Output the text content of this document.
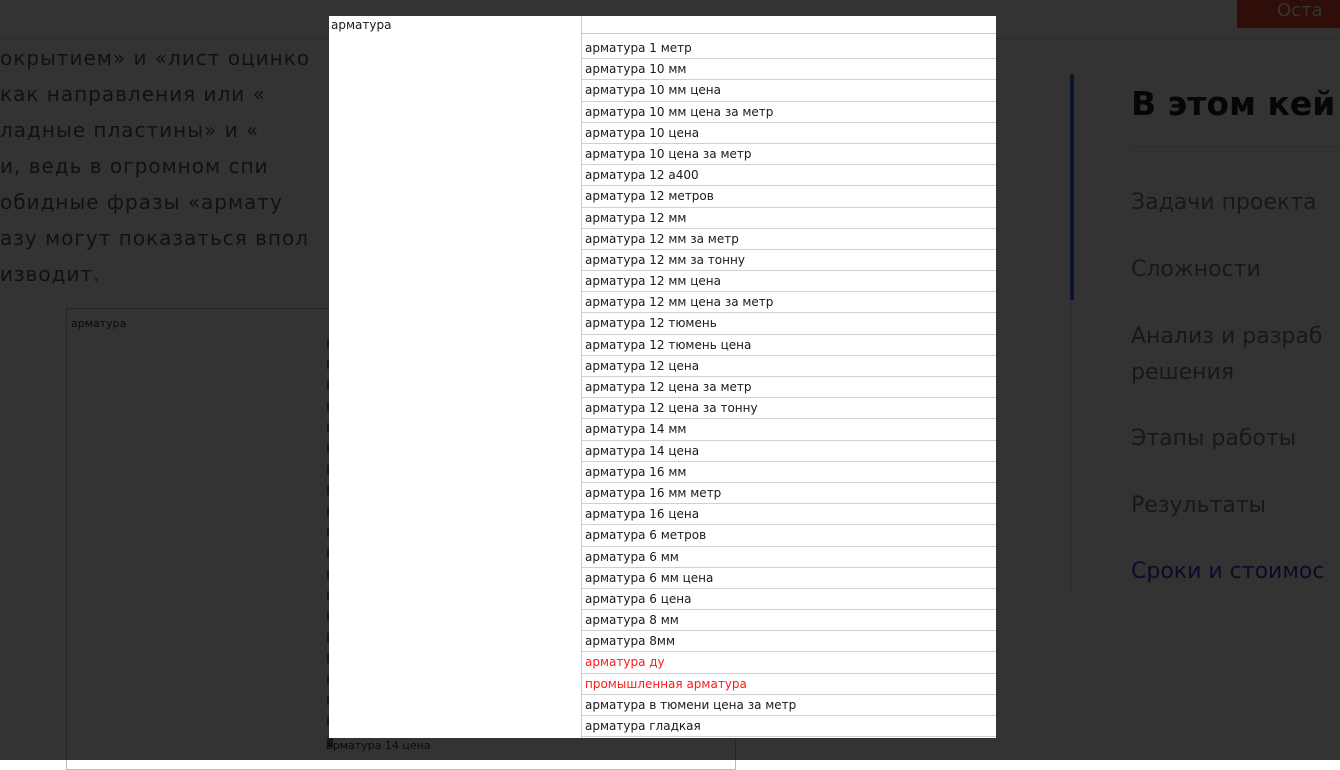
арматура
арматура 1 метр
арматура 10 мм
арматура 10 мм цена
арматура 10 мм цена за метр
арматура 10 цена
арматура 10 цена за метр
арматура 12 а400
арматура 12 метров
арматура 12 мм
арматура 12 мм за метр
арматура 12 мм за тонну
арматура 12 мм цена
арматура 12 мм цена за метр
арматура 12 тюмень
арматура 12 тюмень цена
арматура 12 цена
арматура 12 цена за метр
арматура 12 цена за тонну
арматура 14 мм
арматура 14 цена
арматура 16 мм
арматура 16 мм метр
арматура 16 цена
арматура 6 метров
арматура 6 мм
арматура 6 мм цена
арматура 6 цена
арматура 8 мм
арматура 8мм
арматура ду
промышленная арматура
арматура в тюмени цена за метр
арматура гладкая
